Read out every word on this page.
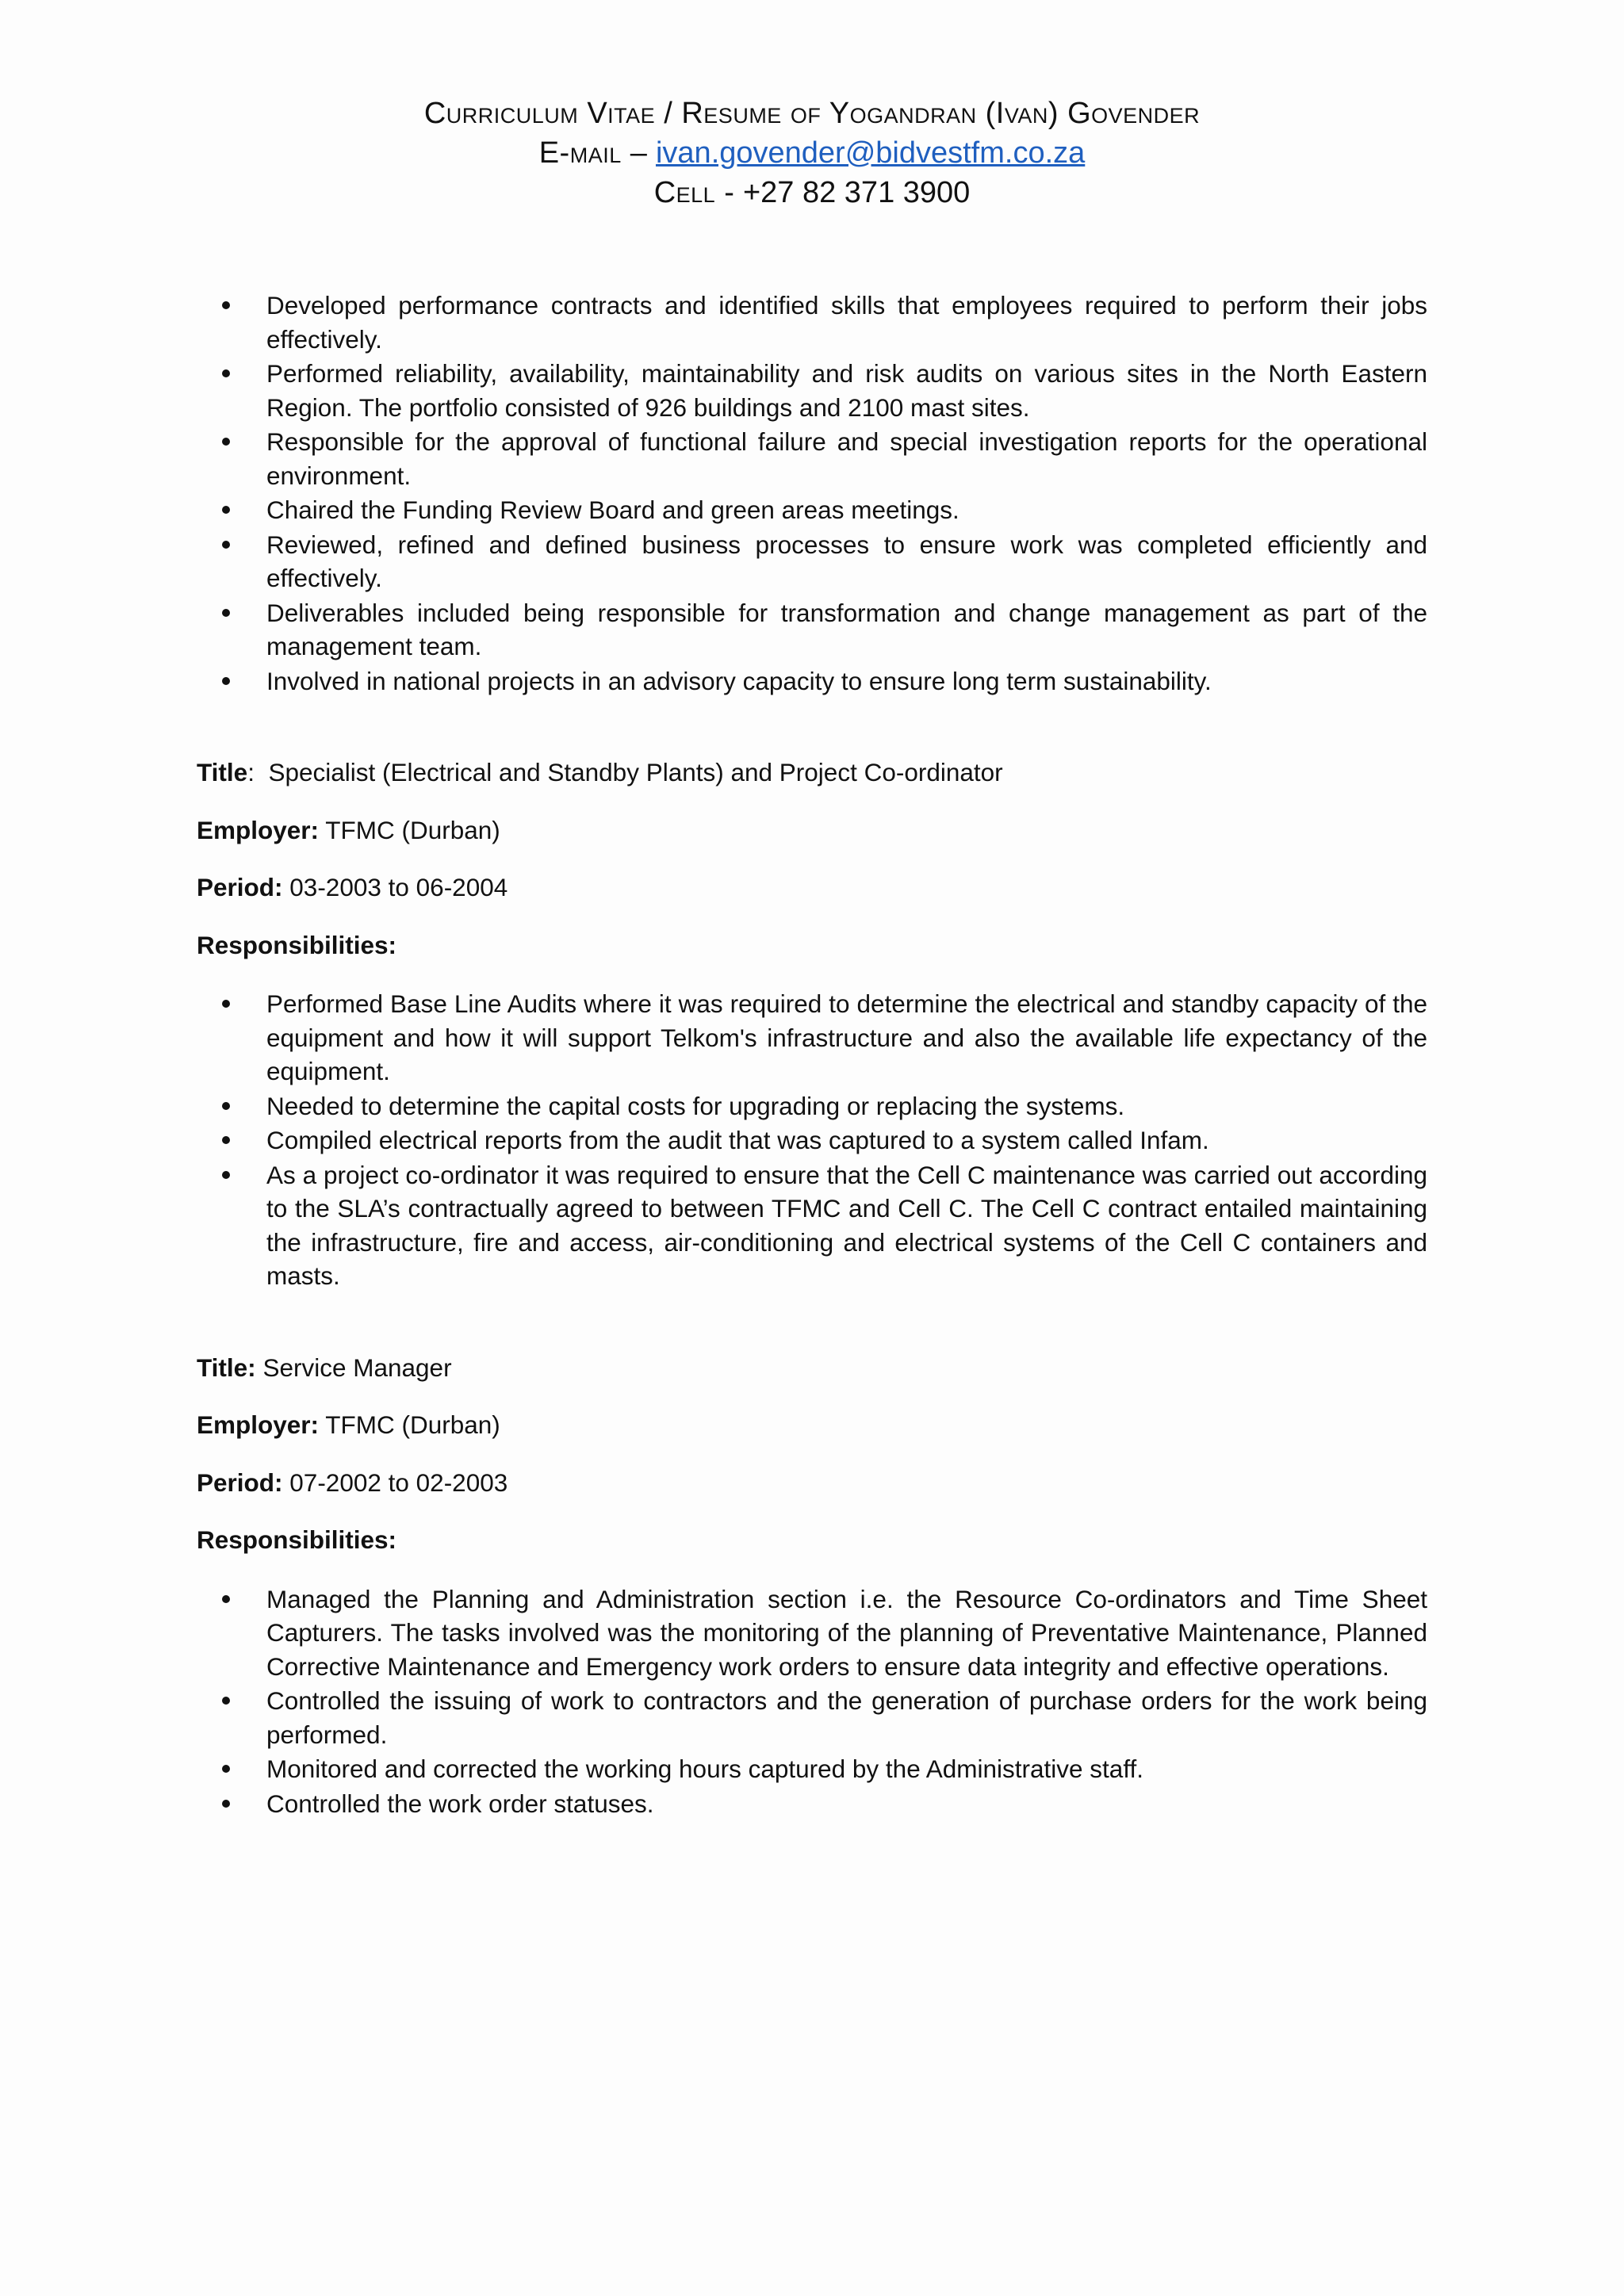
Curriculum Vitae / Resume of Yogandran (Ivan) Govender
E-mail – ivan.govender@bidvestfm.co.za
Cell - +27 82 371 3900
Developed performance contracts and identified skills that employees required to perform their jobs effectively.
Performed reliability, availability, maintainability and risk audits on various sites in the North Eastern Region. The portfolio consisted of 926 buildings and 2100 mast sites.
Responsible for the approval of functional failure and special investigation reports for the operational environment.
Chaired the Funding Review Board and green areas meetings.
Reviewed, refined and defined business processes to ensure work was completed efficiently and effectively.
Deliverables included being responsible for transformation and change management as part of the management team.
Involved in national projects in an advisory capacity to ensure long term sustainability.

Title:  Specialist (Electrical and Standby Plants) and Project Co-ordinator

Employer: TFMC (Durban)

Period: 03-2003 to 06-2004

Responsibilities:

Performed Base Line Audits where it was required to determine the electrical and standby capacity of the equipment and how it will support Telkom's infrastructure and also the available life expectancy of the equipment.
Needed to determine the capital costs for upgrading or replacing the systems.
Compiled electrical reports from the audit that was captured to a system called Infam.
As a project co-ordinator it was required to ensure that the Cell C maintenance was carried out according to the SLA’s contractually agreed to between TFMC and Cell C. The Cell C contract entailed maintaining the infrastructure, fire and access, air-conditioning and electrical systems of the Cell C containers and masts.

Title: Service Manager

Employer: TFMC (Durban)

Period: 07-2002 to 02-2003

Responsibilities:

Managed the Planning and Administration section i.e. the Resource Co-ordinators and Time Sheet Capturers. The tasks involved was the monitoring of the planning of Preventative Maintenance, Planned Corrective Maintenance and Emergency work orders to ensure data integrity and effective operations.
Controlled the issuing of work to contractors and the generation of purchase orders for the work being performed.
Monitored and corrected the working hours captured by the Administrative staff.
Controlled the work order statuses.
